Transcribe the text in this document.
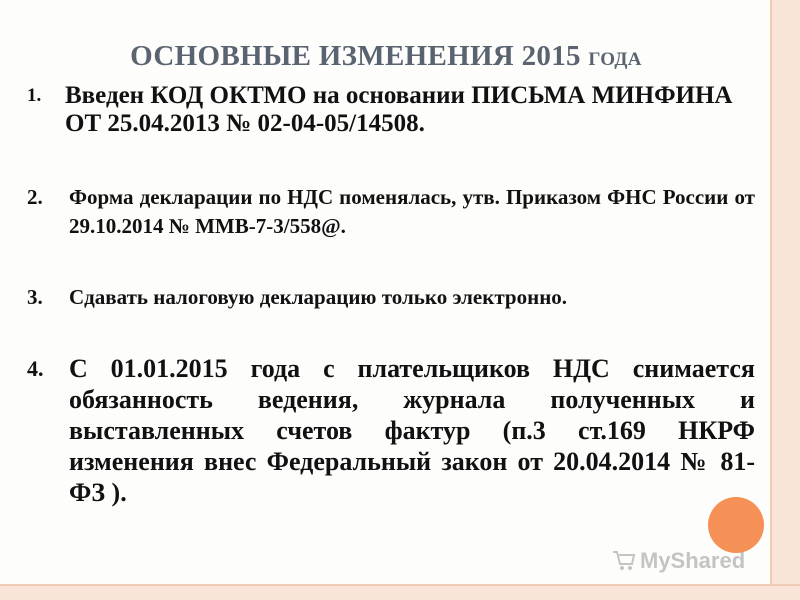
ОСНОВНЫЕ ИЗМЕНЕНИЯ 2015 ГОДА
1. Введен КОД ОКТМО на основании ПИСЬМА МИНФИНА ОТ 25.04.2013 № 02-04-05/14508.
2.	Форма декларации по НДС поменялась, утв. Приказом ФНС России от 29.10.2014 № ММВ-7-3/558@.
3.	Сдавать налоговую декларацию только электронно.
4. С 01.01.2015 года с плательщиков НДС снимается обязанность ведения, журнала полученных и выставленных счетов фактур (п.3 ст.169 НКРФ изменения внес Федеральный закон от 20.04.2014 № 81-ФЗ ).
MyShared
